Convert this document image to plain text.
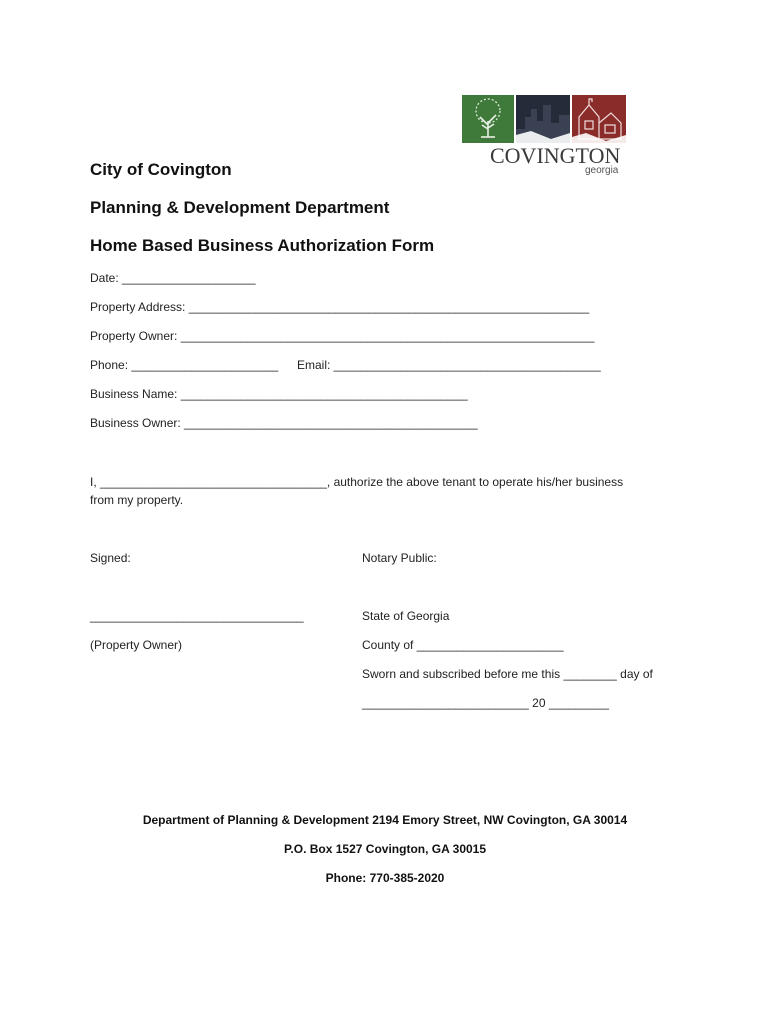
COVINGTON
georgia
City of Covington
Planning & Development Department
Home Based Business Authorization Form
Date: ____________________
Property Address: ____________________________________________________________
Property Owner: ______________________________________________________________
Phone: ______________________ Email: ________________________________________
Business Name: ___________________________________________
Business Owner: ____________________________________________
I, __________________________________, authorize the above tenant to operate his/her business
from my property.
Signed:
________________________________
(Property Owner)
Notary Public:
State of Georgia
County of ______________________
Sworn and subscribed before me this ________ day of
_________________________ 20 _________
Department of Planning & Development 2194 Emory Street, NW Covington, GA 30014
P.O. Box 1527 Covington, GA 30015
Phone: 770-385-2020
